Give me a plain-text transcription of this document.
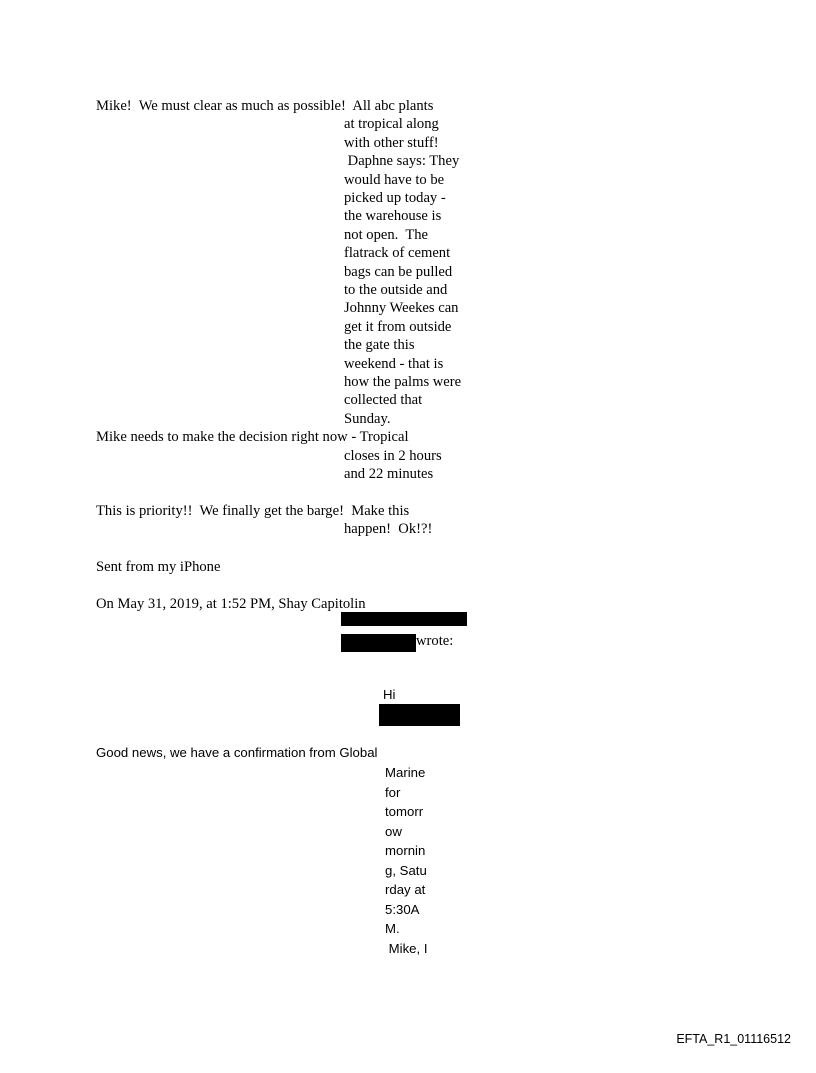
Mike!  We must clear as much as possible!  All abc plants
at tropical along
with other stuff!
Daphne says: They
would have to be
picked up today -
the warehouse is
not open.  The
flatrack of cement
bags can be pulled
to the outside and
Johnny Weekes can
get it from outside
the gate this
weekend - that is
how the palms were
collected that
Sunday.
Mike needs to make the decision right now - Tropical
closes in 2 hours
and 22 minutes
This is priority!!  We finally get the barge!  Make this
happen!  Ok!?!
Sent from my iPhone
On May 31, 2019, at 1:52 PM, Shay Capitolin
wrote:
Hi
Good news, we have a confirmation from Global
Marine
for
tomorr
ow
mornin
g, Satu
rday at
5:30A
M.
Mike, I
EFTA_R1_01116512
